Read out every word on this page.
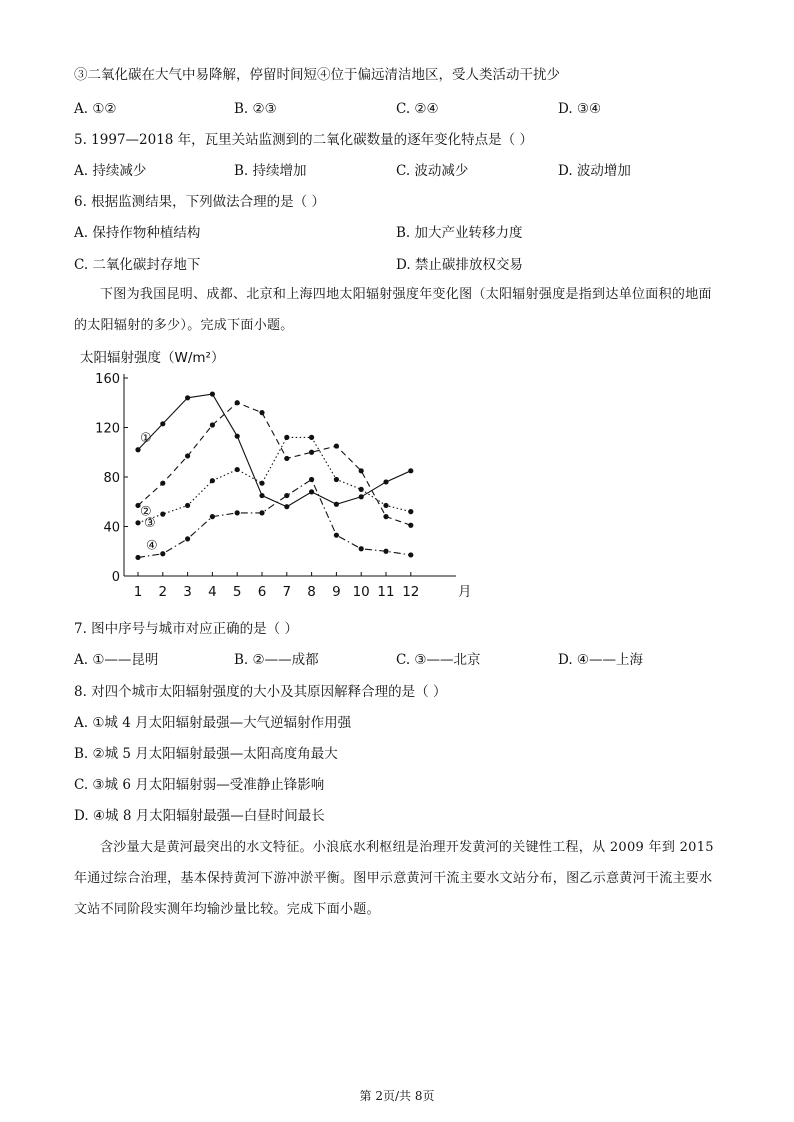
③二氧化碳在大气中易降解，停留时间短④位于偏远清洁地区，受人类活动干扰少
A. ①②	B. ②③	C. ②④	D. ③④
5. 1997—2018 年，瓦里关站监测到的二氧化碳数量的逐年变化特点是（ ）
A. 持续减少	B. 持续增加	C. 波动减少	D. 波动增加
6. 根据监测结果，下列做法合理的是（ ）
A. 保持作物种植结构	B. 加大产业转移力度
C. 二氧化碳封存地下	D. 禁止碳排放权交易
下图为我国昆明、成都、北京和上海四地太阳辐射强度年变化图（太阳辐射强度是指到达单位面积的地面的太阳辐射的多少）。完成下面小题。
太阳辐射强度（W/m²）
0
40
80
120
160
1 2 3 4 5 6 7 8 9 10 11 12	月
①
②
③
④
7. 图中序号与城市对应正确的是（ ）
A. ①——昆明	B. ②——成都	C. ③——北京	D. ④——上海
8. 对四个城市太阳辐射强度的大小及其原因解释合理的是（ ）
A. ①城 4 月太阳辐射最强—大气逆辐射作用强
B. ②城 5 月太阳辐射最强—太阳高度角最大
C. ③城 6 月太阳辐射弱—受准静止锋影响
D. ④城 8 月太阳辐射最强—白昼时间最长
含沙量大是黄河最突出的水文特征。小浪底水利枢纽是治理开发黄河的关键性工程，从 2009 年到 2015 年通过综合治理，基本保持黄河下游冲淤平衡。图甲示意黄河干流主要水文站分布，图乙示意黄河干流主要水文站不同阶段实测年均输沙量比较。完成下面小题。
第 2页/共 8页
